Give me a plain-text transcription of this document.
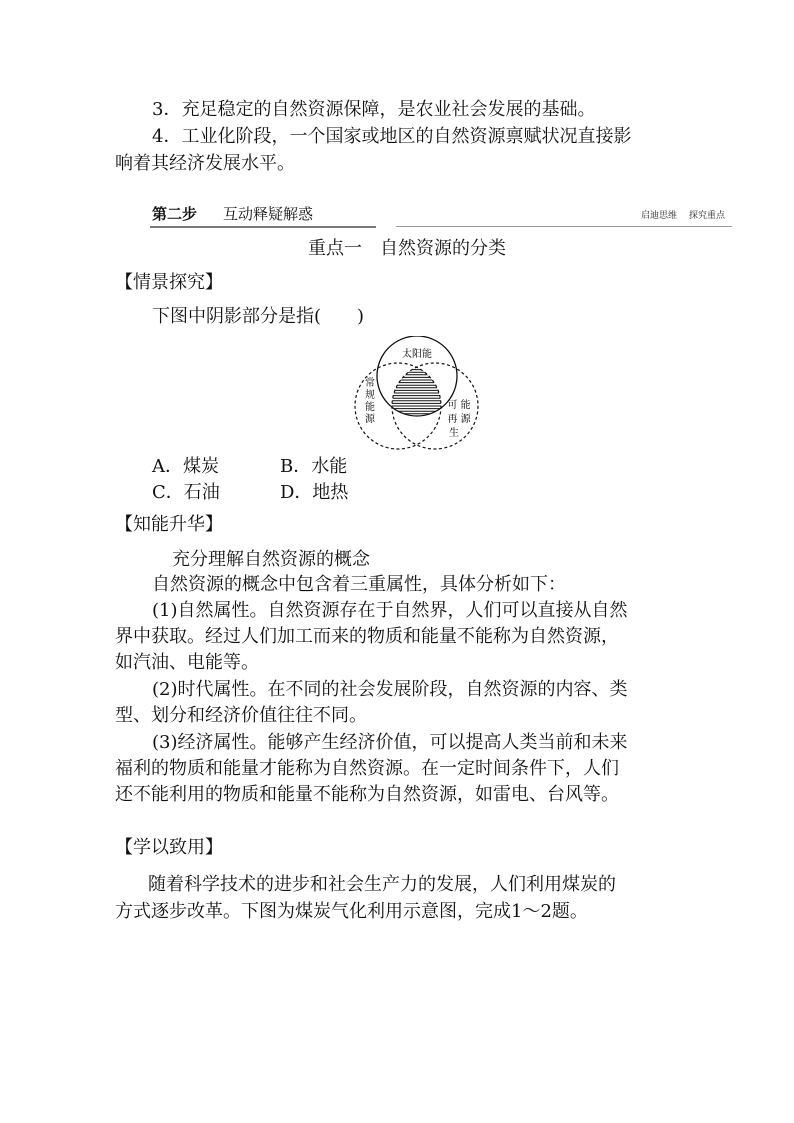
3．充足稳定的自然资源保障，是农业社会发展的基础。
4．工业化阶段，一个国家或地区的自然资源禀赋状况直接影
响着其经济发展水平。
第二步 互动释疑解惑	启迪思维 探究重点
重点一　自然资源的分类
【情景探究】
下图中阴影部分是指(　　)
太阳能
常
规
能
源
可 能
再 源
生
A．煤炭	B．水能
C．石油	D．地热
【知能升华】
充分理解自然资源的概念
自然资源的概念中包含着三重属性，具体分析如下：
(1)自然属性。自然资源存在于自然界，人们可以直接从自然
界中获取。经过人们加工而来的物质和能量不能称为自然资源，
如汽油、电能等。
(2)时代属性。在不同的社会发展阶段，自然资源的内容、类
型、划分和经济价值往往不同。
(3)经济属性。能够产生经济价值，可以提高人类当前和未来
福利的物质和能量才能称为自然资源。在一定时间条件下，人们
还不能利用的物质和能量不能称为自然资源，如雷电、台风等。
【学以致用】
随着科学技术的进步和社会生产力的发展，人们利用煤炭的
方式逐步改革。下图为煤炭气化利用示意图，完成1～2题。
